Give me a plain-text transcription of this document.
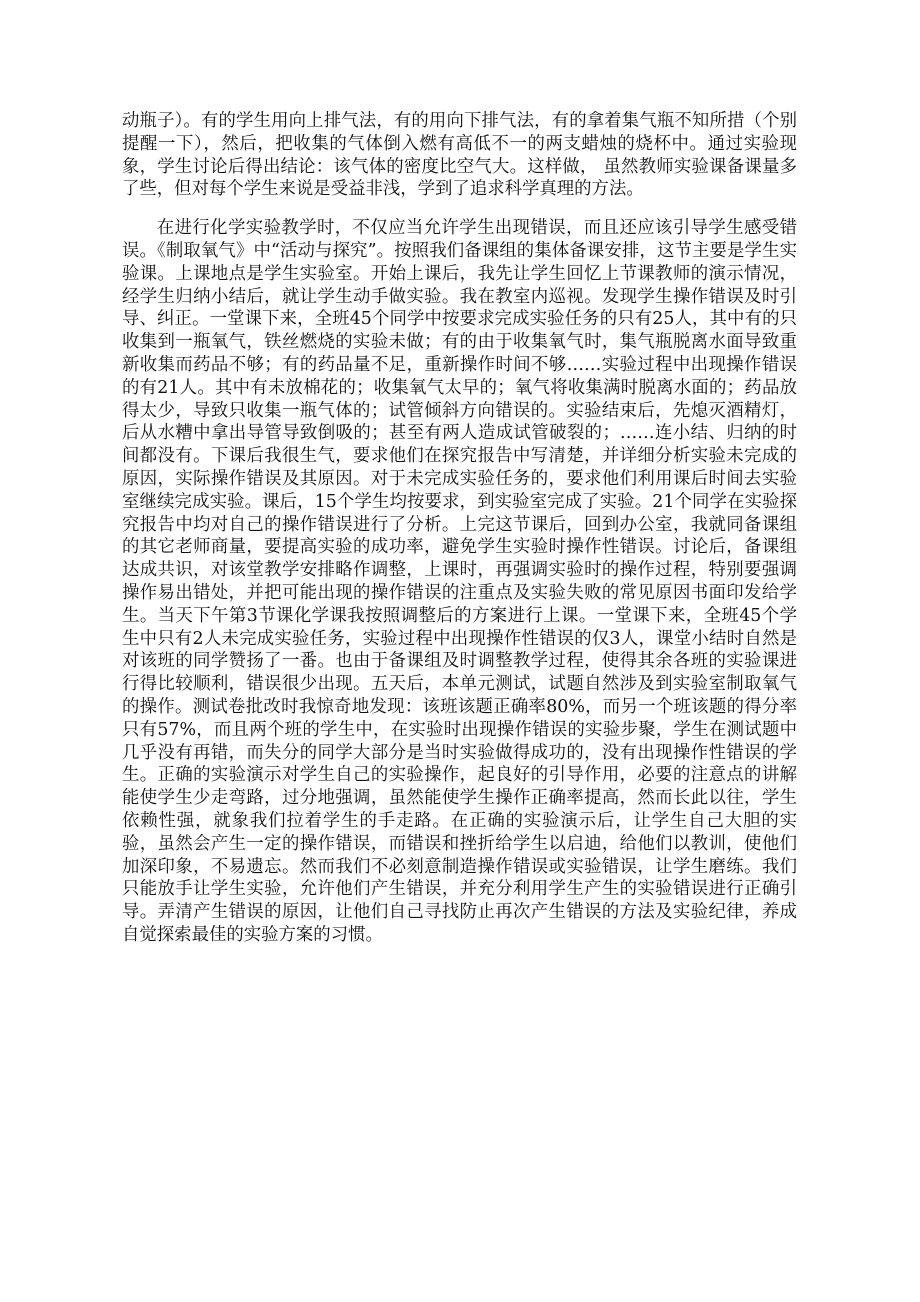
动瓶子）。有的学生用向上排气法，有的用向下排气法，有的拿着集气瓶不知所措（个别提醒一下），然后，把收集的气体倒入燃有高低不一的两支蜡烛的烧杯中。通过实验现象，学生讨论后得出结论：该气体的密度比空气大。这样做， 虽然教师实验课备课量多了些，但对每个学生来说是受益非浅，学到了追求科学真理的方法。

在进行化学实验教学时，不仅应当允许学生出现错误，而且还应该引导学生感受错误。《制取氧气》中“活动与探究”。按照我们备课组的集体备课安排，这节主要是学生实验课。上课地点是学生实验室。开始上课后，我先让学生回忆上节课教师的演示情况，经学生归纳小结后，就让学生动手做实验。我在教室内巡视。发现学生操作错误及时引导、纠正。一堂课下来，全班45个同学中按要求完成实验任务的只有25人，其中有的只收集到一瓶氧气，铁丝燃烧的实验未做；有的由于收集氧气时，集气瓶脱离水面导致重新收集而药品不够；有的药品量不足，重新操作时间不够……实验过程中出现操作错误的有21人。其中有未放棉花的；收集氧气太早的；氧气将收集满时脱离水面的；药品放得太少，导致只收集一瓶气体的；试管倾斜方向错误的。实验结束后，先熄灭酒精灯，后从水糟中拿出导管导致倒吸的；甚至有两人造成试管破裂的；……连小结、归纳的时间都没有。下课后我很生气，要求他们在探究报告中写清楚，并详细分析实验未完成的原因，实际操作错误及其原因。对于未完成实验任务的，要求他们利用课后时间去实验室继续完成实验。课后，15个学生均按要求，到实验室完成了实验。21个同学在实验探究报告中均对自己的操作错误进行了分析。上完这节课后，回到办公室，我就同备课组的其它老师商量，要提高实验的成功率，避免学生实验时操作性错误。讨论后，备课组达成共识，对该堂教学安排略作调整，上课时，再强调实验时的操作过程，特别要强调操作易出错处，并把可能出现的操作错误的注重点及实验失败的常见原因书面印发给学生。当天下午第3节课化学课我按照调整后的方案进行上课。一堂课下来，全班45个学生中只有2人未完成实验任务，实验过程中出现操作性错误的仅3人，课堂小结时自然是对该班的同学赞扬了一番。也由于备课组及时调整教学过程，使得其余各班的实验课进行得比较顺利，错误很少出现。五天后，本单元测试，试题自然涉及到实验室制取氧气的操作。测试卷批改时我惊奇地发现：该班该题正确率80%，而另一个班该题的得分率只有57%，而且两个班的学生中，在实验时出现操作错误的实验步聚，学生在测试题中几乎没有再错，而失分的同学大部分是当时实验做得成功的，没有出现操作性错误的学生。正确的实验演示对学生自己的实验操作，起良好的引导作用，必要的注意点的讲解能使学生少走弯路，过分地强调，虽然能使学生操作正确率提高，然而长此以往，学生依赖性强，就象我们拉着学生的手走路。在正确的实验演示后，让学生自己大胆的实验，虽然会产生一定的操作错误，而错误和挫折给学生以启迪，给他们以教训，使他们加深印象，不易遗忘。然而我们不必刻意制造操作错误或实验错误，让学生磨练。我们只能放手让学生实验，允许他们产生错误，并充分利用学生产生的实验错误进行正确引导。弄清产生错误的原因，让他们自己寻找防止再次产生错误的方法及实验纪律，养成自觉探索最佳的实验方案的习惯。
